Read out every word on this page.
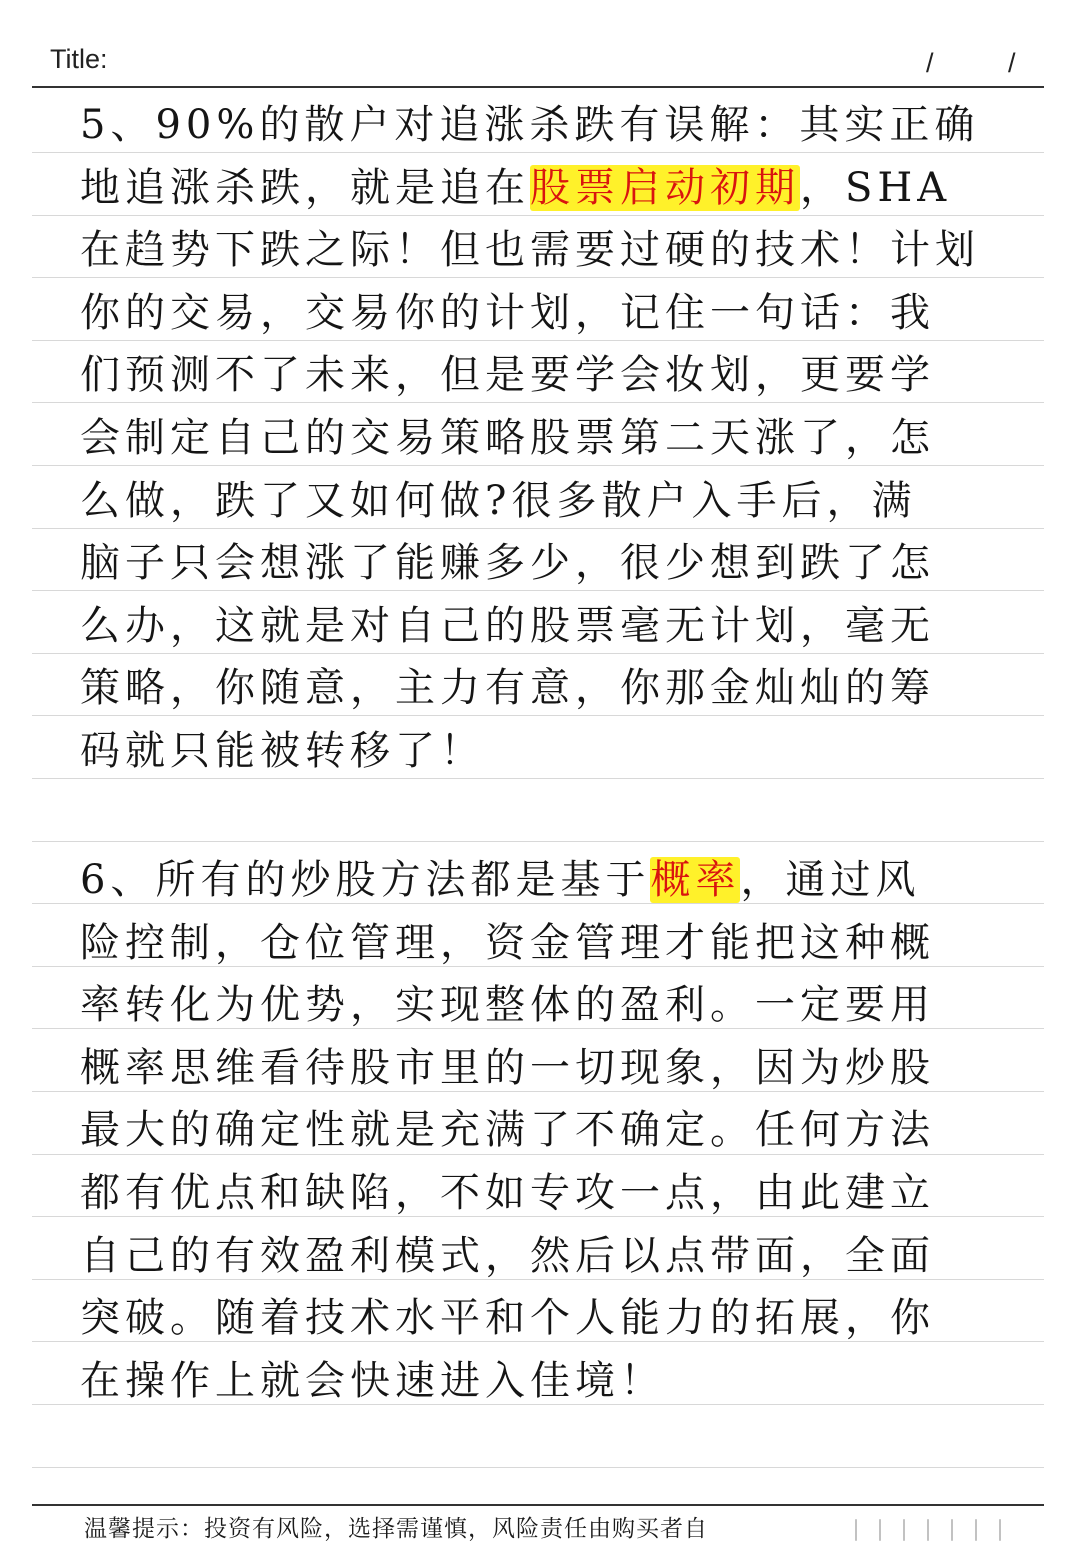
Title:	/	/
5、90%的散户对追涨杀跌有误解：其实正确
地追涨杀跌，就是追在股票启动初期，SHA
在趋势下跌之际！但也需要过硬的技术！计划
你的交易，交易你的计划，记住一句话：我
们预测不了未来，但是要学会妆划，更要学
会制定自己的交易策略股票第二天涨了，怎
么做，跌了又如何做?很多散户入手后，满
脑子只会想涨了能赚多少，很少想到跌了怎
么办，这就是对自己的股票毫无计划，毫无
策略，你随意，主力有意，你那金灿灿的筹
码就只能被转移了！
6、所有的炒股方法都是基于概率，通过风
险控制，仓位管理，资金管理才能把这种概
率转化为优势，实现整体的盈利。一定要用
概率思维看待股市里的一切现象，因为炒股
最大的确定性就是充满了不确定。任何方法
都有优点和缺陷，不如专攻一点，由此建立
自己的有效盈利模式，然后以点带面，全面
突破。随着技术水平和个人能力的拓展，你
在操作上就会快速进入佳境！
温馨提示：投资有风险，选择需谨慎，风险责任由购买者自
